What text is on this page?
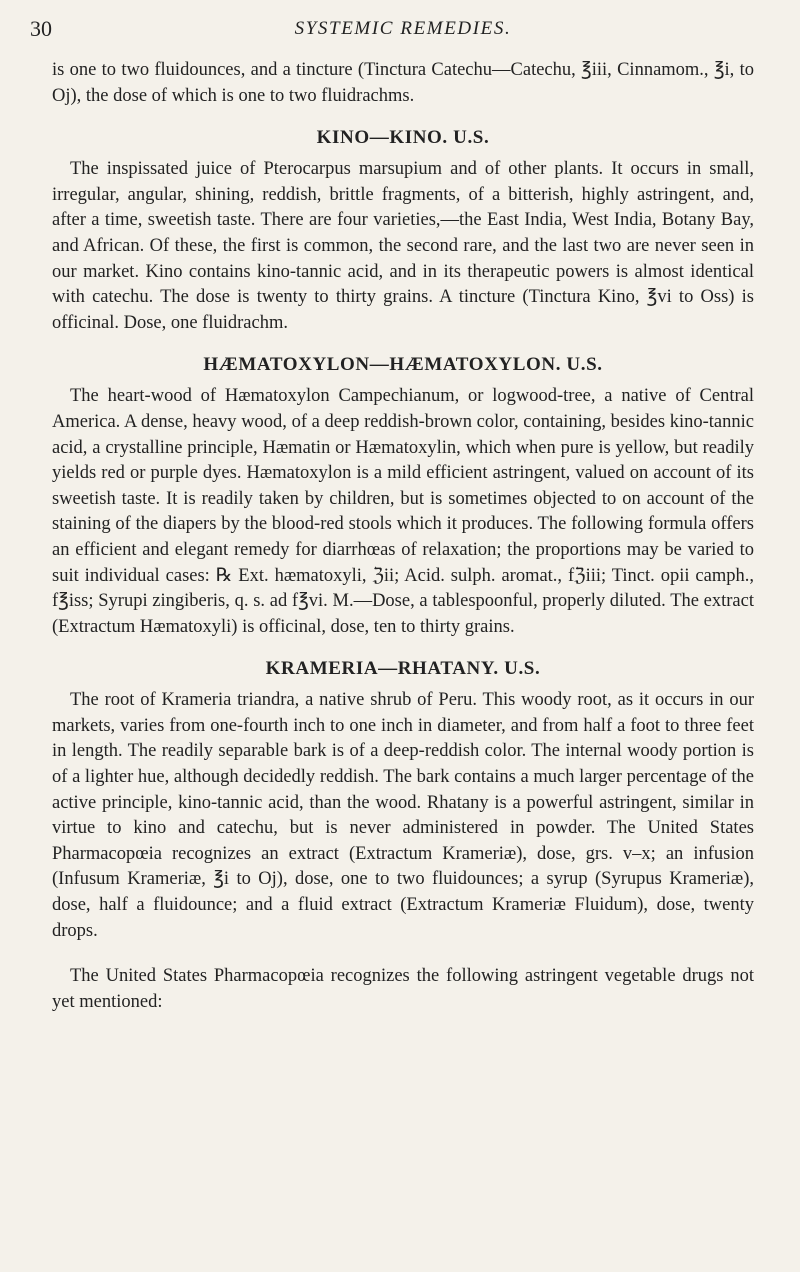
30	SYSTEMIC REMEDIES.

is one to two fluidounces, and a tincture (Tinctura Catechu—Catechu, ℥iii, Cinnamom., ℥i, to Oj), the dose of which is one to two fluidrachms.

KINO—KINO. U.S.

The inspissated juice of Pterocarpus marsupium and of other plants. It occurs in small, irregular, angular, shining, reddish, brittle fragments, of a bitterish, highly astringent, and, after a time, sweetish taste. There are four varieties,—the East India, West India, Botany Bay, and African. Of these, the first is common, the second rare, and the last two are never seen in our market. Kino contains kino-tannic acid, and in its therapeutic powers is almost identical with catechu. The dose is twenty to thirty grains. A tincture (Tinctura Kino, ℥vi to Oss) is officinal. Dose, one fluidrachm.

HÆMATOXYLON—HÆMATOXYLON. U.S.

The heart-wood of Hæmatoxylon Campechianum, or logwood-tree, a native of Central America. A dense, heavy wood, of a deep reddish-brown color, containing, besides kino-tannic acid, a crystalline principle, Hæmatin or Hæmatoxylin, which when pure is yellow, but readily yields red or purple dyes. Hæmatoxylon is a mild efficient astringent, valued on account of its sweetish taste. It is readily taken by children, but is sometimes objected to on account of the staining of the diapers by the blood-red stools which it produces. The following formula offers an efficient and elegant remedy for diarrhœas of relaxation; the proportions may be varied to suit individual cases: ℞ Ext. hæmatoxyli, ℨii; Acid. sulph. aromat., fℨiii; Tinct. opii camph., f℥iss; Syrupi zingiberis, q. s. ad f℥vi. M.—Dose, a tablespoonful, properly diluted. The extract (Extractum Hæmatoxyli) is officinal, dose, ten to thirty grains.

KRAMERIA—RHATANY. U.S.

The root of Krameria triandra, a native shrub of Peru. This woody root, as it occurs in our markets, varies from one-fourth inch to one inch in diameter, and from half a foot to three feet in length. The readily separable bark is of a deep-reddish color. The internal woody portion is of a lighter hue, although decidedly reddish. The bark contains a much larger percentage of the active principle, kino-tannic acid, than the wood. Rhatany is a powerful astringent, similar in virtue to kino and catechu, but is never administered in powder. The United States Pharmacopœia recognizes an extract (Extractum Krameriæ), dose, grs. v–x; an infusion (Infusum Krameriæ, ℥i to Oj), dose, one to two fluidounces; a syrup (Syrupus Krameriæ), dose, half a fluidounce; and a fluid extract (Extractum Krameriæ Fluidum), dose, twenty drops.

The United States Pharmacopœia recognizes the following astringent vegetable drugs not yet mentioned:
